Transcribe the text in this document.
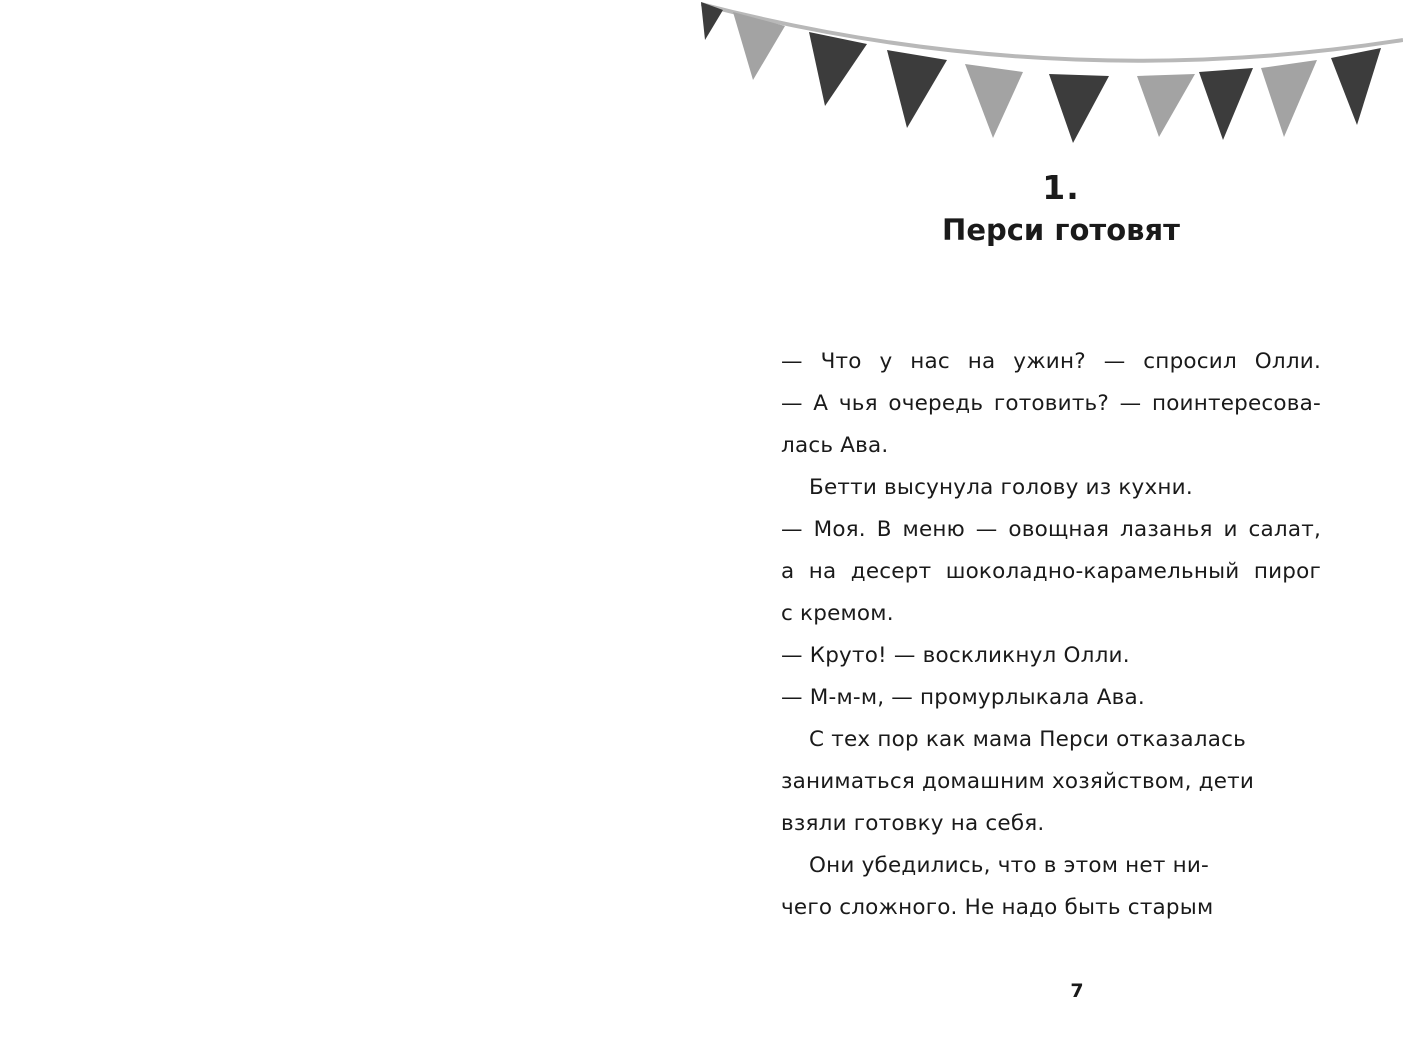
1.
Перси готовят
— Что у нас на ужин? — спросил Олли.
— А чья очередь готовить? — поинтересова-
лась Ава.
Бетти высунула голову из кухни.
— Моя. В меню — овощная лазанья и салат,
а на десерт шоколадно-карамельный пирог
с кремом.
— Круто! — воскликнул Олли.
— М-м-м, — промурлыкала Ава.
С тех пор как мама Перси отказалась
заниматься домашним хозяйством, дети
взяли готовку на себя.
Они убедились, что в этом нет ни-
чего сложного. Не надо быть старым
7
